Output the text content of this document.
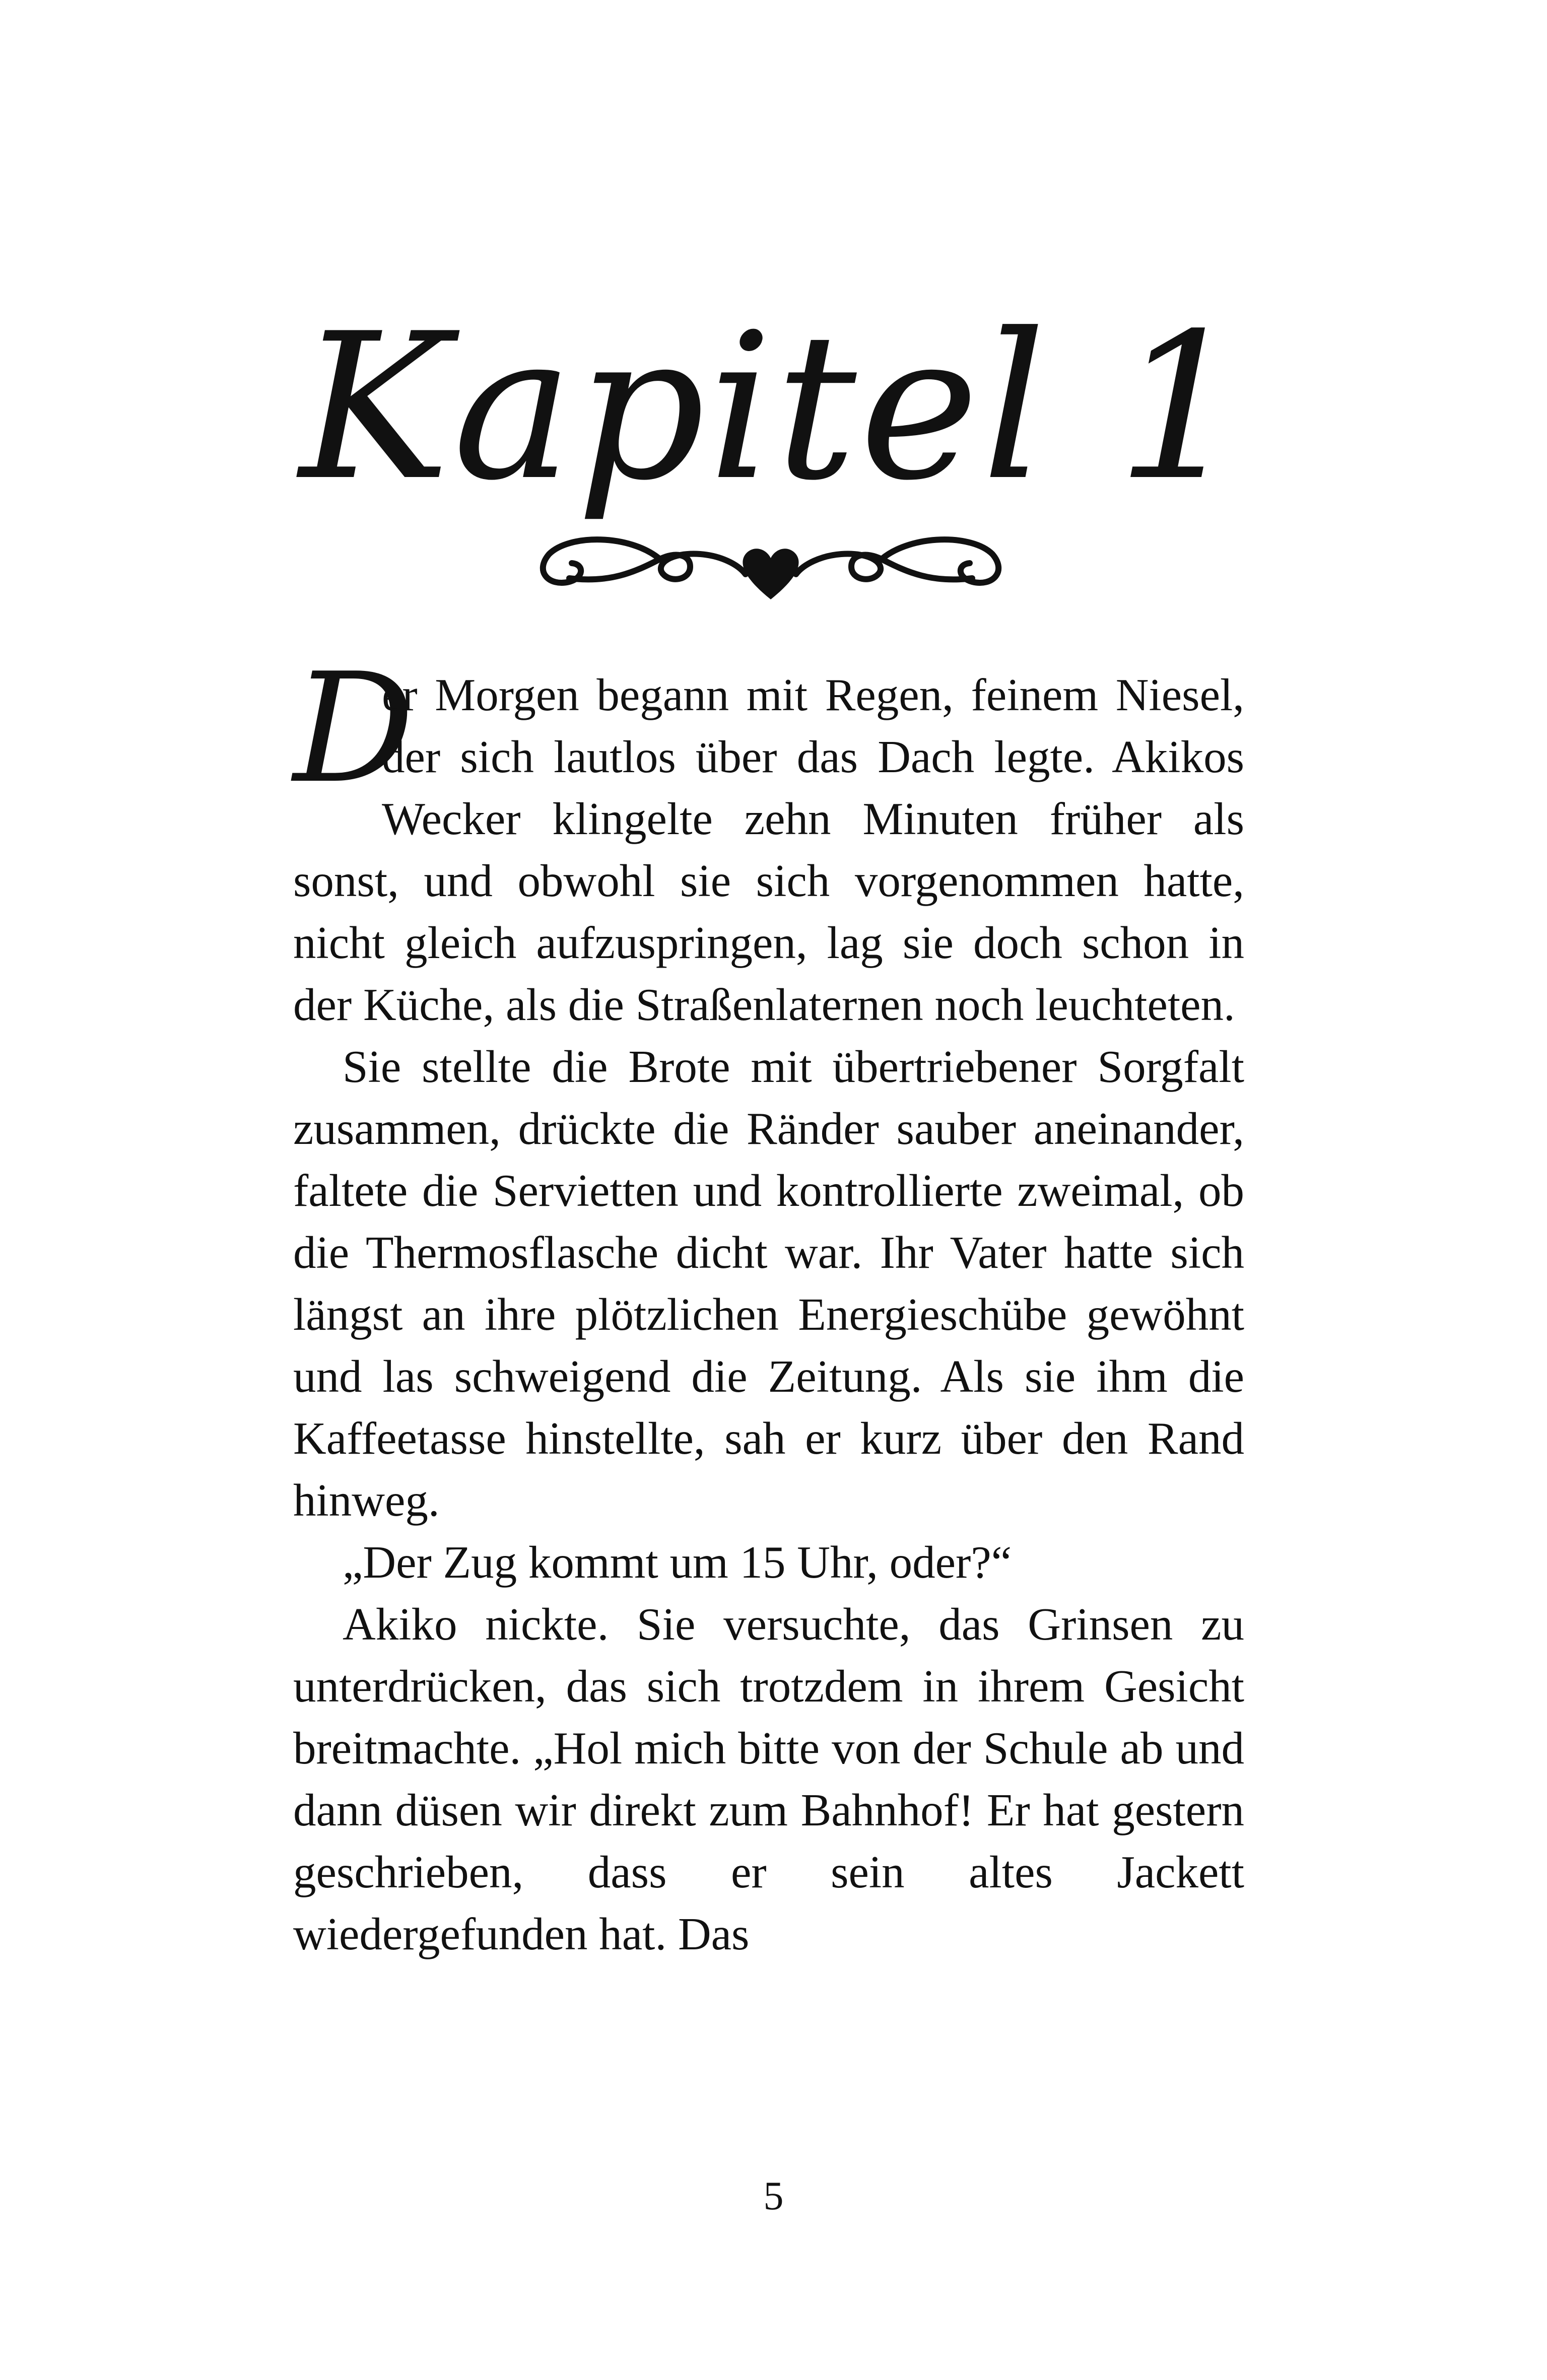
Kapitel 1

D
er Morgen begann mit Regen, feinem Niesel, der sich lautlos über das Dach legte. Akikos Wecker klingelte zehn Minuten früher als sonst, und obwohl sie sich vorgenommen hatte, nicht gleich aufzuspringen, lag sie doch schon in der Küche, als die Straßenlaternen noch leuchteten.

Sie stellte die Brote mit übertriebener Sorgfalt zusammen, drückte die Ränder sauber aneinander, faltete die Servietten und kontrollierte zweimal, ob die Thermosflasche dicht war. Ihr Vater hatte sich längst an ihre plötzlichen Energieschübe gewöhnt und las schweigend die Zeitung. Als sie ihm die Kaffeetasse hinstellte, sah er kurz über den Rand hinweg.

„Der Zug kommt um 15 Uhr, oder?“

Akiko nickte. Sie versuchte, das Grinsen zu unterdrücken, das sich trotzdem in ihrem Gesicht breitmachte. „Hol mich bitte von der Schule ab und dann düsen wir direkt zum Bahnhof! Er hat gestern geschrieben, dass er sein altes Jackett wiedergefunden hat. Das

5
